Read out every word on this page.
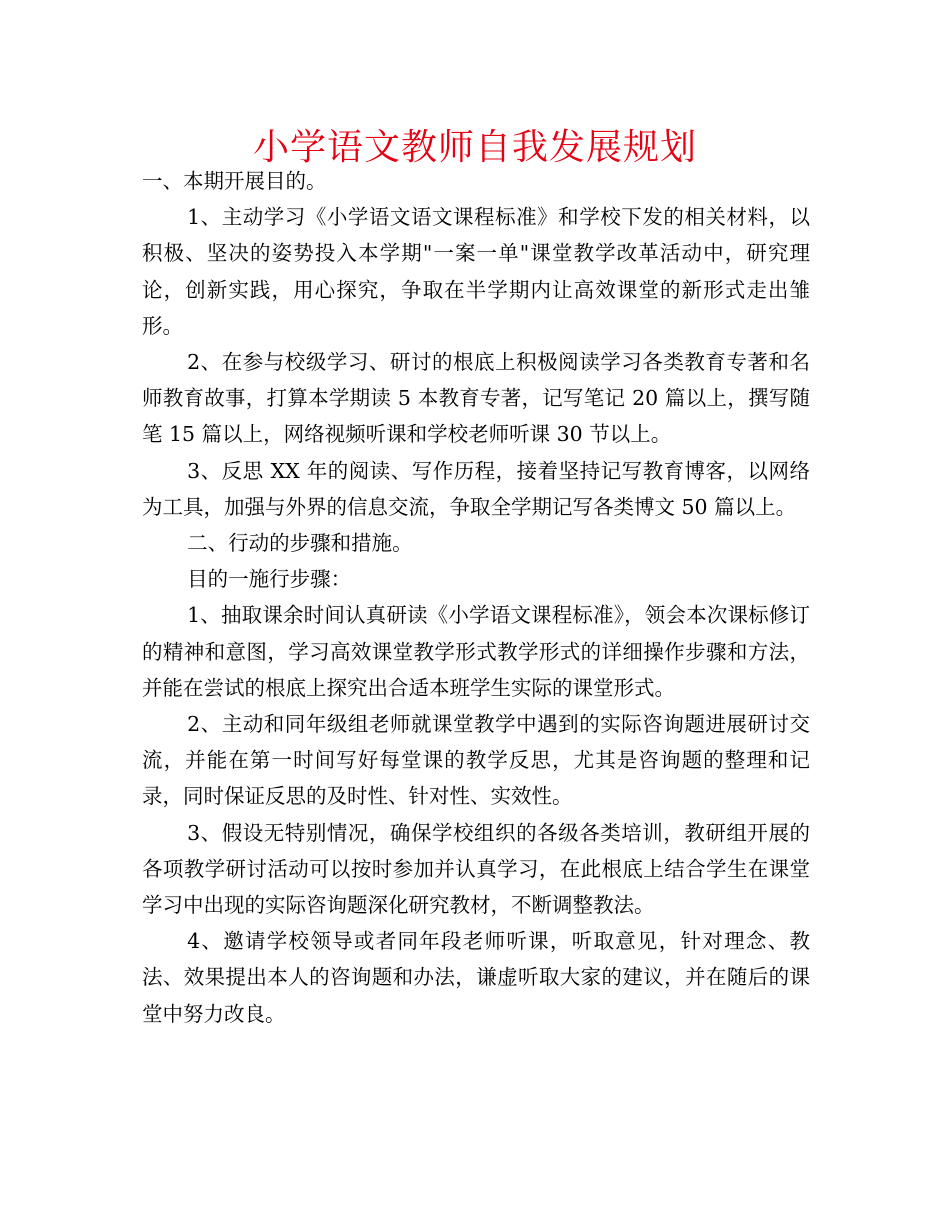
小学语文教师自我发展规划

一、本期开展目的。

1、主动学习《小学语文语文课程标准》和学校下发的相关材料，以积极、坚决的姿势投入本学期"一案一单"课堂教学改革活动中，研究理论，创新实践，用心探究，争取在半学期内让高效课堂的新形式走出雏形。

2、在参与校级学习、研讨的根底上积极阅读学习各类教育专著和名师教育故事，打算本学期读 5 本教育专著，记写笔记 20 篇以上，撰写随笔 15 篇以上，网络视频听课和学校老师听课 30 节以上。

3、反思 XX 年的阅读、写作历程，接着坚持记写教育博客，以网络为工具，加强与外界的信息交流，争取全学期记写各类博文 50 篇以上。

二、行动的步骤和措施。

目的一施行步骤：

1、抽取课余时间认真研读《小学语文课程标准》，领会本次课标修订的精神和意图，学习高效课堂教学形式教学形式的详细操作步骤和方法，并能在尝试的根底上探究出合适本班学生实际的课堂形式。

2、主动和同年级组老师就课堂教学中遇到的实际咨询题进展研讨交流，并能在第一时间写好每堂课的教学反思，尤其是咨询题的整理和记录，同时保证反思的及时性、针对性、实效性。

3、假设无特别情况，确保学校组织的各级各类培训，教研组开展的各项教学研讨活动可以按时参加并认真学习，在此根底上结合学生在课堂学习中出现的实际咨询题深化研究教材，不断调整教法。

4、邀请学校领导或者同年段老师听课，听取意见，针对理念、教法、效果提出本人的咨询题和办法，谦虚听取大家的建议，并在随后的课堂中努力改良。
